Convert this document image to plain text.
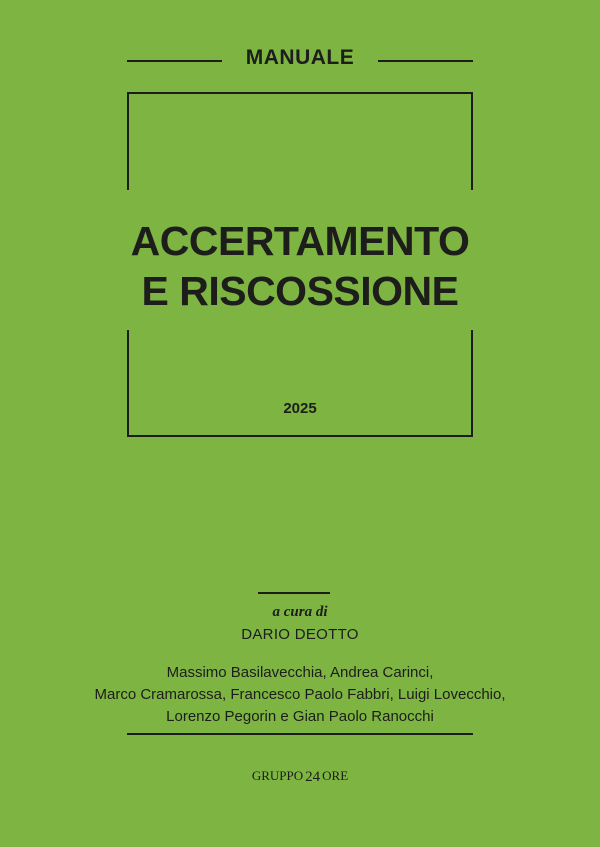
MANUALE
ACCERTAMENTO
E RISCOSSIONE
2025
a cura di
DARIO DEOTTO
Massimo Basilavecchia, Andrea Carinci,
Marco Cramarossa, Francesco Paolo Fabbri, Luigi Lovecchio,
Lorenzo Pegorin e Gian Paolo Ranocchi
GRUPPO 24 ORE
